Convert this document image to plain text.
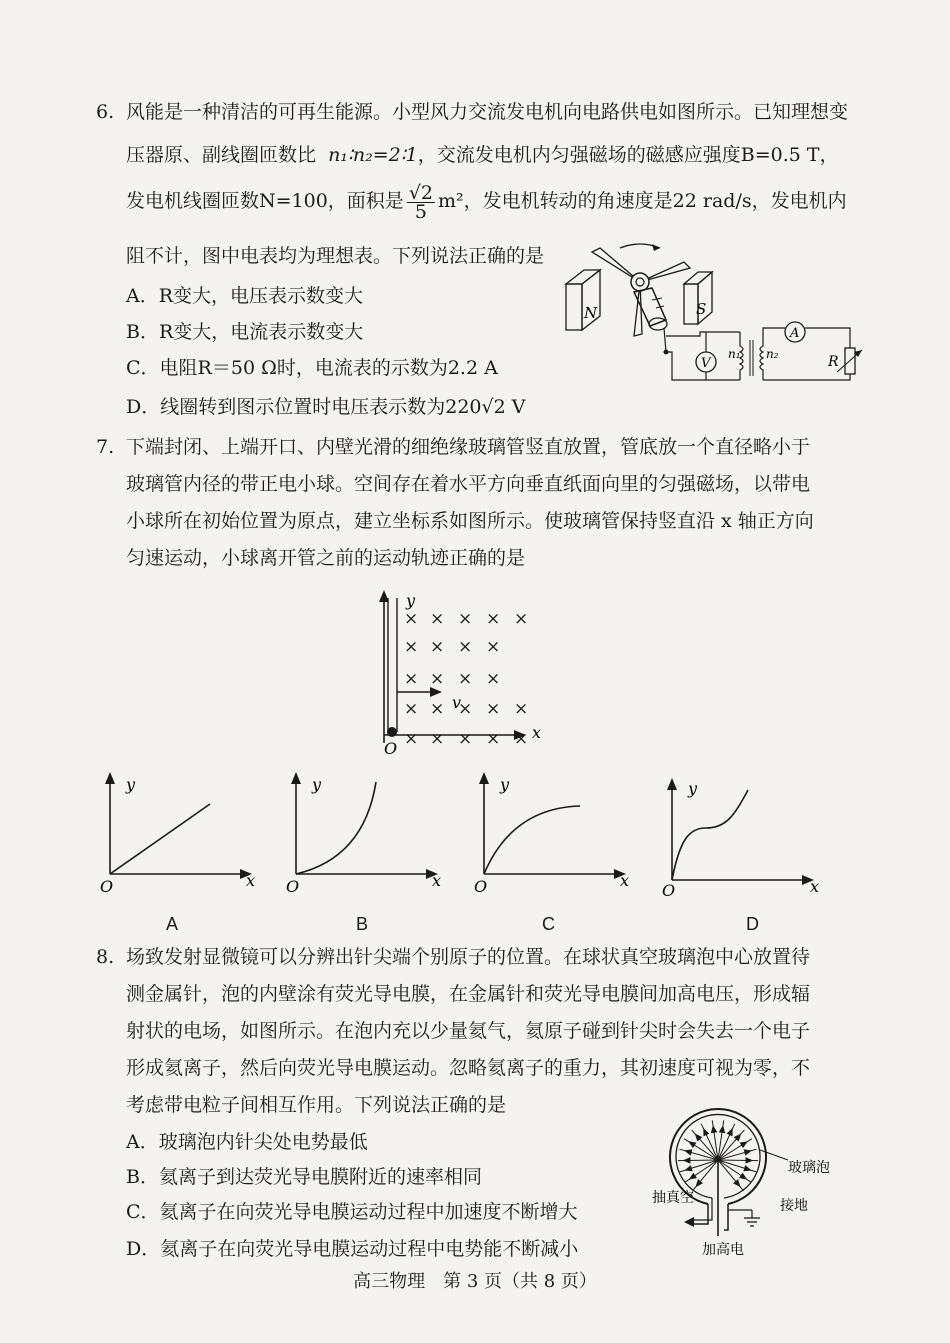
6. 风能是一种清洁的可再生能源。小型风力交流发电机向电路供电如图所示。已知理想变
压器原、副线圈匝数比 n₁∶n₂=2∶1，交流发电机内匀强磁场的磁感应强度B=0.5 T，
发电机线圈匝数N=100，面积是 $\frac{√2}{5} m^2$，发电机转动的角速度是22 rad/s，发电机内
阻不计，图中电表均为理想表。下列说法正确的是
A．R变大，电压表示数变大
B．R变大，电流表示数变大
C．电阻R＝50 Ω时，电流表的示数为2.2 A
D．线圈转到图示位置时电压表示数为220√2 V
N	S
V
n₁ n₂
A
R
7. 下端封闭、上端开口、内壁光滑的细绝缘玻璃管竖直放置，管底放一个直径略小于
玻璃管内径的带正电小球。空间存在着水平方向垂直纸面向里的匀强磁场，以带电
小球所在初始位置为原点，建立坐标系如图所示。使玻璃管保持竖直沿 x 轴正方向
匀速运动，小球离开管之前的运动轨迹正确的是
y
x
O
v
× × × × ×
× × × ×
× × × ×
× × × × ×
× × × × ×
y
x
O
A
y
x
O
B
y
x
O
C
y
x
O
D
8. 场致发射显微镜可以分辨出针尖端个别原子的位置。在球状真空玻璃泡中心放置待
测金属针，泡的内壁涂有荧光导电膜，在金属针和荧光导电膜间加高电压，形成辐
射状的电场，如图所示。在泡内充以少量氦气，氦原子碰到针尖时会失去一个电子
形成氦离子，然后向荧光导电膜运动。忽略氦离子的重力，其初速度可视为零，不
考虑带电粒子间相互作用。下列说法正确的是
A．玻璃泡内针尖处电势最低
B．氦离子到达荧光导电膜附近的速率相同
C．氦离子在向荧光导电膜运动过程中加速度不断增大
D．氦离子在向荧光导电膜运动过程中电势能不断减小
玻璃泡
抽真空	接地
加高电
高三物理　第 3 页（共 8 页）
